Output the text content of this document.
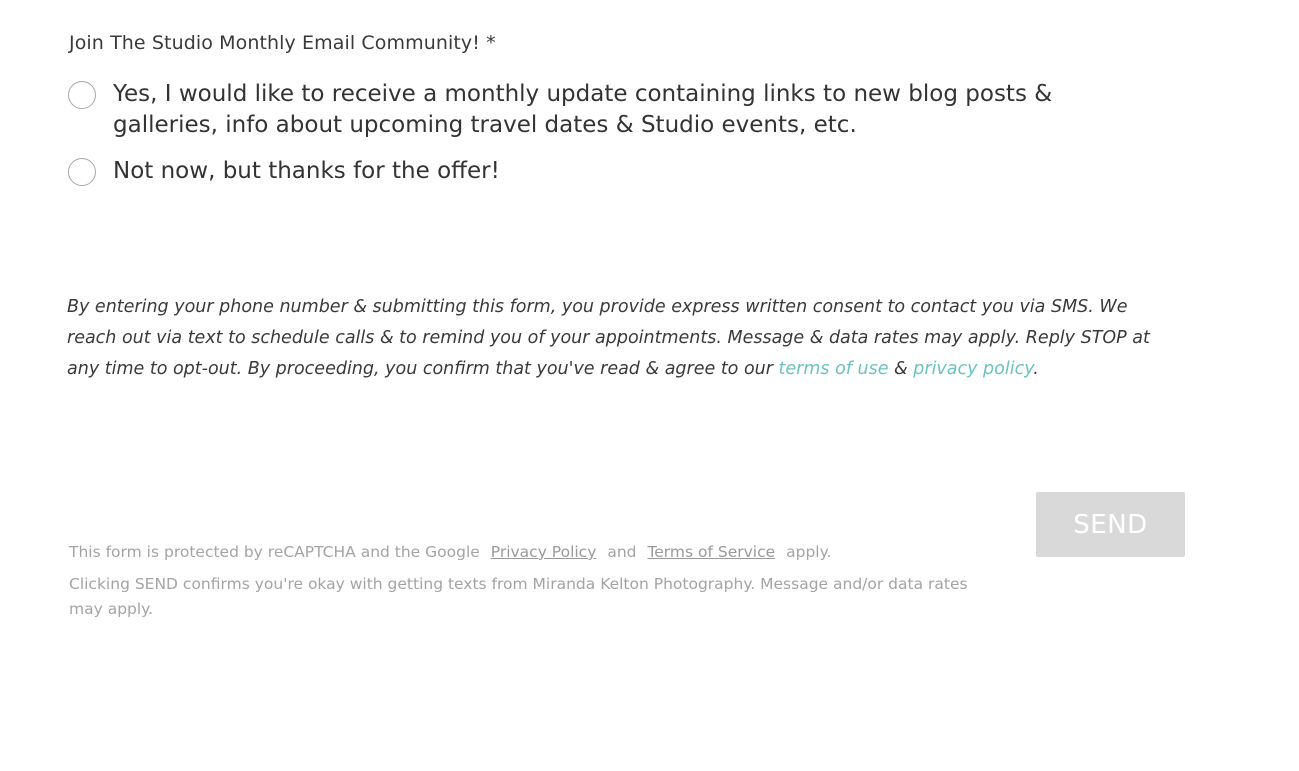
Join The Studio Monthly Email Community! *
Yes, I would like to receive a monthly update containing links to new blog posts & galleries, info about upcoming travel dates & Studio events, etc.
Not now, but thanks for the offer!
By entering your phone number & submitting this form, you provide express written consent to contact you via SMS. We reach out via text to schedule calls & to remind you of your appointments. Message & data rates may apply. Reply STOP at any time to opt-out. By proceeding, you confirm that you've read & agree to our terms of use & privacy policy.
This form is protected by reCAPTCHA and the Google Privacy Policy and Terms of Service apply.
Clicking SEND confirms you're okay with getting texts from Miranda Kelton Photography. Message and/or data rates may apply.
SEND
